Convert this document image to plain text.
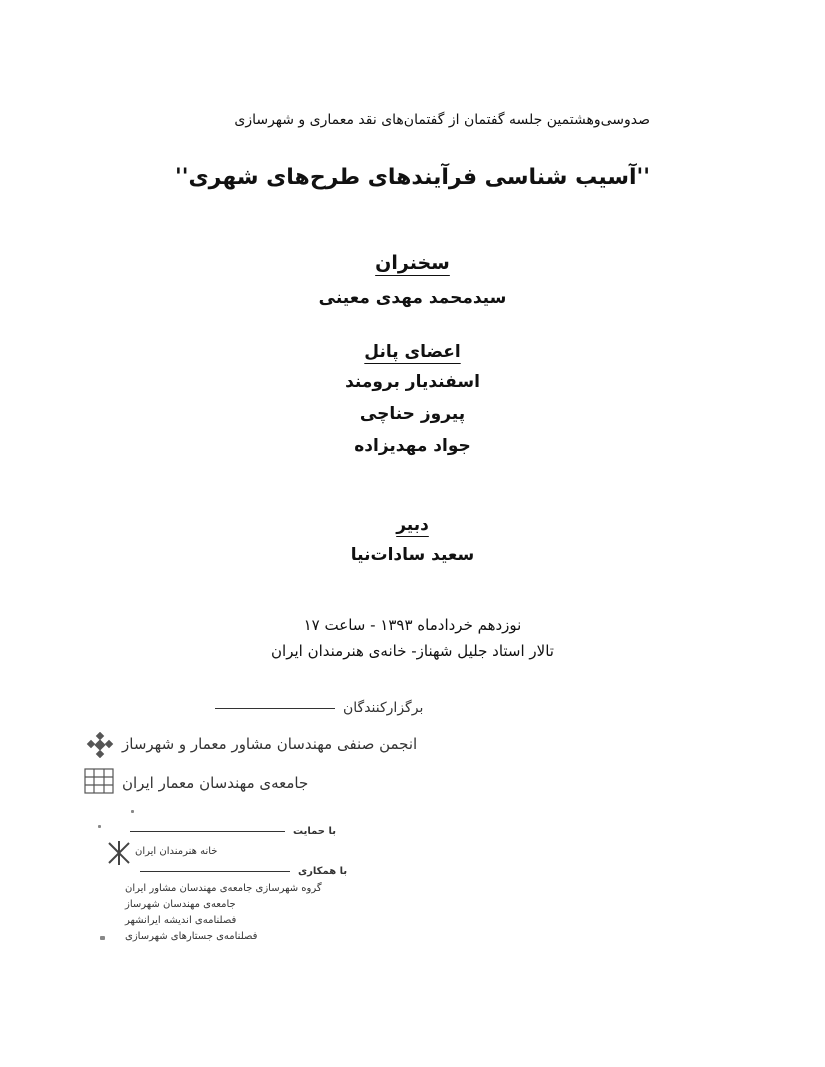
صدوسی‌وهشتمین جلسه گفتمان از گفتمان‌های نقد معماری و شهرسازی
''آسیب شناسی فرآیندهای طرح‌های شهری''
سخنران
سیدمحمد مهدی معینی
اعضای پانل
اسفندیار برومند
پیروز حناچی
جواد مهدیزاده
دبیر
سعید سادات‌نیا
نوزدهم خردادماه ۱۳۹۳ - ساعت ۱۷
تالار استاد جلیل شهناز- خانه‌ی هنرمندان ایران
برگزارکنندگان
انجمن صنفی مهندسان مشاور معمار و شهرساز
جامعه‌ی مهندسان معمار ایران
با حمایت
خانه هنرمندان ایران
با همکاری
گروه شهرسازی جامعه‌ی مهندسان مشاور ایران
جامعه‌ی مهندسان شهرساز
فصلنامه‌ی اندیشه ایرانشهر
فصلنامه‌ی جستارهای شهرسازی
